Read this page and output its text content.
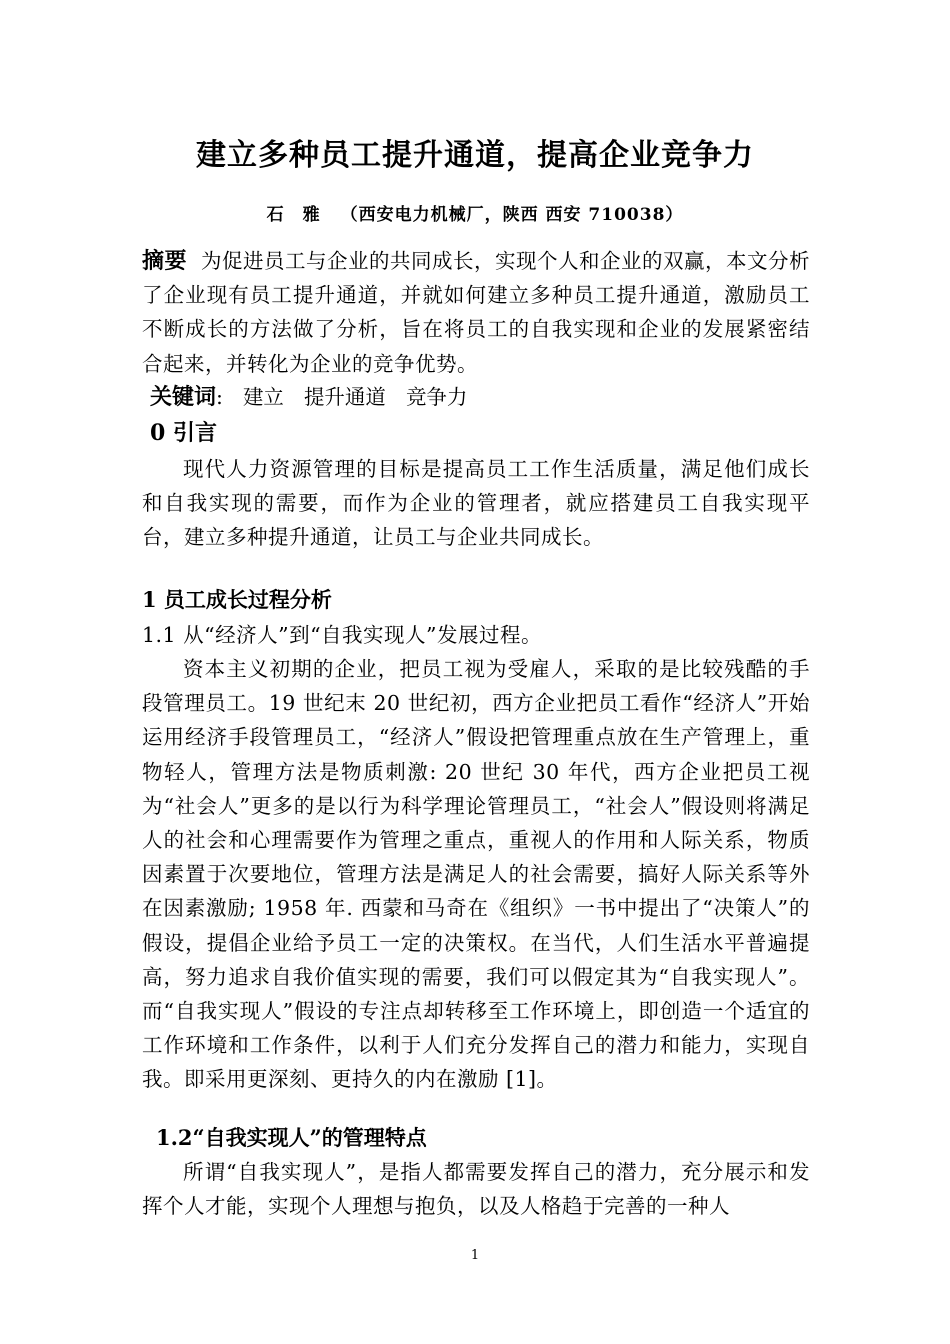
建立多种员工提升通道，提高企业竞争力
石　雅 （西安电力机械厂，陕西 西安 710038）
摘要 为促进员工与企业的共同成长，实现个人和企业的双赢，本文分析了企业现有员工提升通道，并就如何建立多种员工提升通道，激励员工不断成长的方法做了分析，旨在将员工的自我实现和企业的发展紧密结合起来，并转化为企业的竞争优势。
关键词: 建立 提升通道 竞争力
0 引言
现代人力资源管理的目标是提高员工工作生活质量，满足他们成长和自我实现的需要，而作为企业的管理者，就应搭建员工自我实现平台，建立多种提升通道，让员工与企业共同成长。
1 员工成长过程分析
1.1 从“经济人”到“自我实现人”发展过程。
资本主义初期的企业，把员工视为受雇人，采取的是比较残酷的手段管理员工。19 世纪末 20 世纪初，西方企业把员工看作“经济人”开始运用经济手段管理员工，“经济人”假设把管理重点放在生产管理上，重物轻人，管理方法是物质刺激: 20 世纪 30 年代，西方企业把员工视为“社会人”更多的是以行为科学理论管理员工，“社会人”假设则将满足人的社会和心理需要作为管理之重点，重视人的作用和人际关系，物质因素置于次要地位，管理方法是满足人的社会需要，搞好人际关系等外在因素激励; 1958 年. 西蒙和马奇在《组织》一书中提出了“决策人”的假设，提倡企业给予员工一定的决策权。在当代，人们生活水平普遍提高，努力追求自我价值实现的需要，我们可以假定其为“自我实现人”。 而“自我实现人”假设的专注点却转移至工作环境上，即创造一个适宜的工作环境和工作条件，以利于人们充分发挥自己的潜力和能力，实现自我。即采用更深刻、更持久的内在激励 [1]。
1.2“自我实现人”的管理特点
所谓“自我实现人”，是指人都需要发挥自己的潜力，充分展示和发挥个人才能，实现个人理想与抱负，以及人格趋于完善的一种人
1
